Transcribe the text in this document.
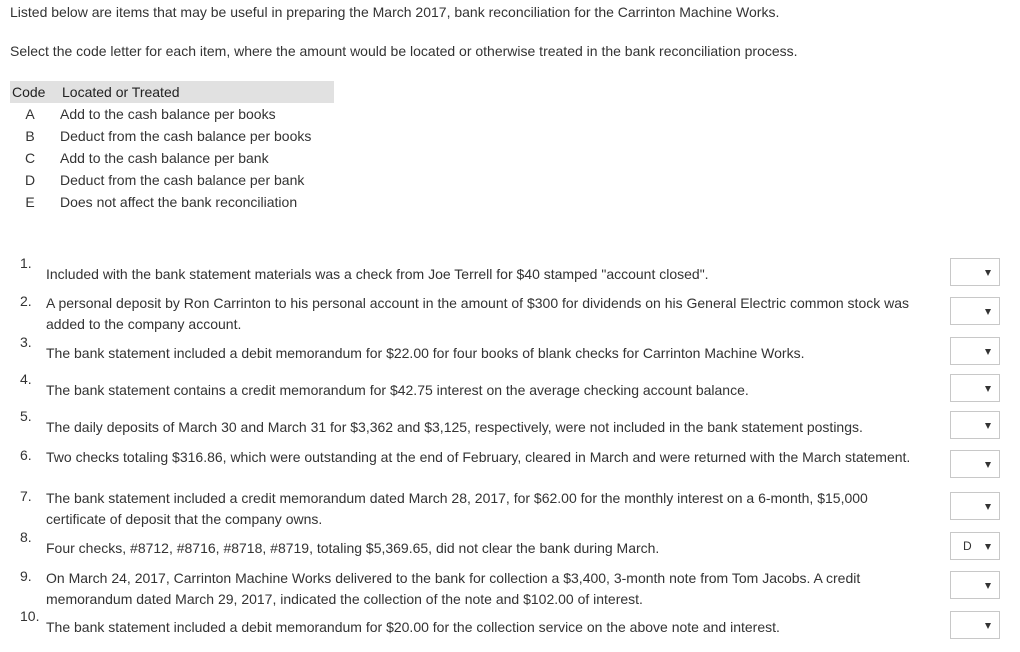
Listed below are items that may be useful in preparing the March 2017, bank reconciliation for the Carrinton Machine Works.
Select the code letter for each item, where the amount would be located or otherwise treated in the bank reconciliation process.
Code	Located or Treated
A	Add to the cash balance per books
B	Deduct from the cash balance per books
C	Add to the cash balance per bank
D	Deduct from the cash balance per bank
E	Does not affect the bank reconciliation
1.
Included with the bank statement materials was a check from Joe Terrell for $40 stamped "account closed".
2.	A personal deposit by Ron Carrinton to his personal account in the amount of $300 for dividends on his General Electric common stock was added to the company account.
3.
The bank statement included a debit memorandum for $22.00 for four books of blank checks for Carrinton Machine Works.
4.
The bank statement contains a credit memorandum for $42.75 interest on the average checking account balance.
5.
The daily deposits of March 30 and March 31 for $3,362 and $3,125, respectively, were not included in the bank statement postings.
6.	Two checks totaling $316.86, which were outstanding at the end of February, cleared in March and were returned with the March statement.
7.	The bank statement included a credit memorandum dated March 28, 2017, for $62.00 for the monthly interest on a 6-month, $15,000 certificate of deposit that the company owns.
8.
Four checks, #8712, #8716, #8718, #8719, totaling $5,369.65, did not clear the bank during March.	D
9.	On March 24, 2017, Carrinton Machine Works delivered to the bank for collection a $3,400, 3-month note from Tom Jacobs. A credit memorandum dated March 29, 2017, indicated the collection of the note and $102.00 of interest.
10.
The bank statement included a debit memorandum for $20.00 for the collection service on the above note and interest.
